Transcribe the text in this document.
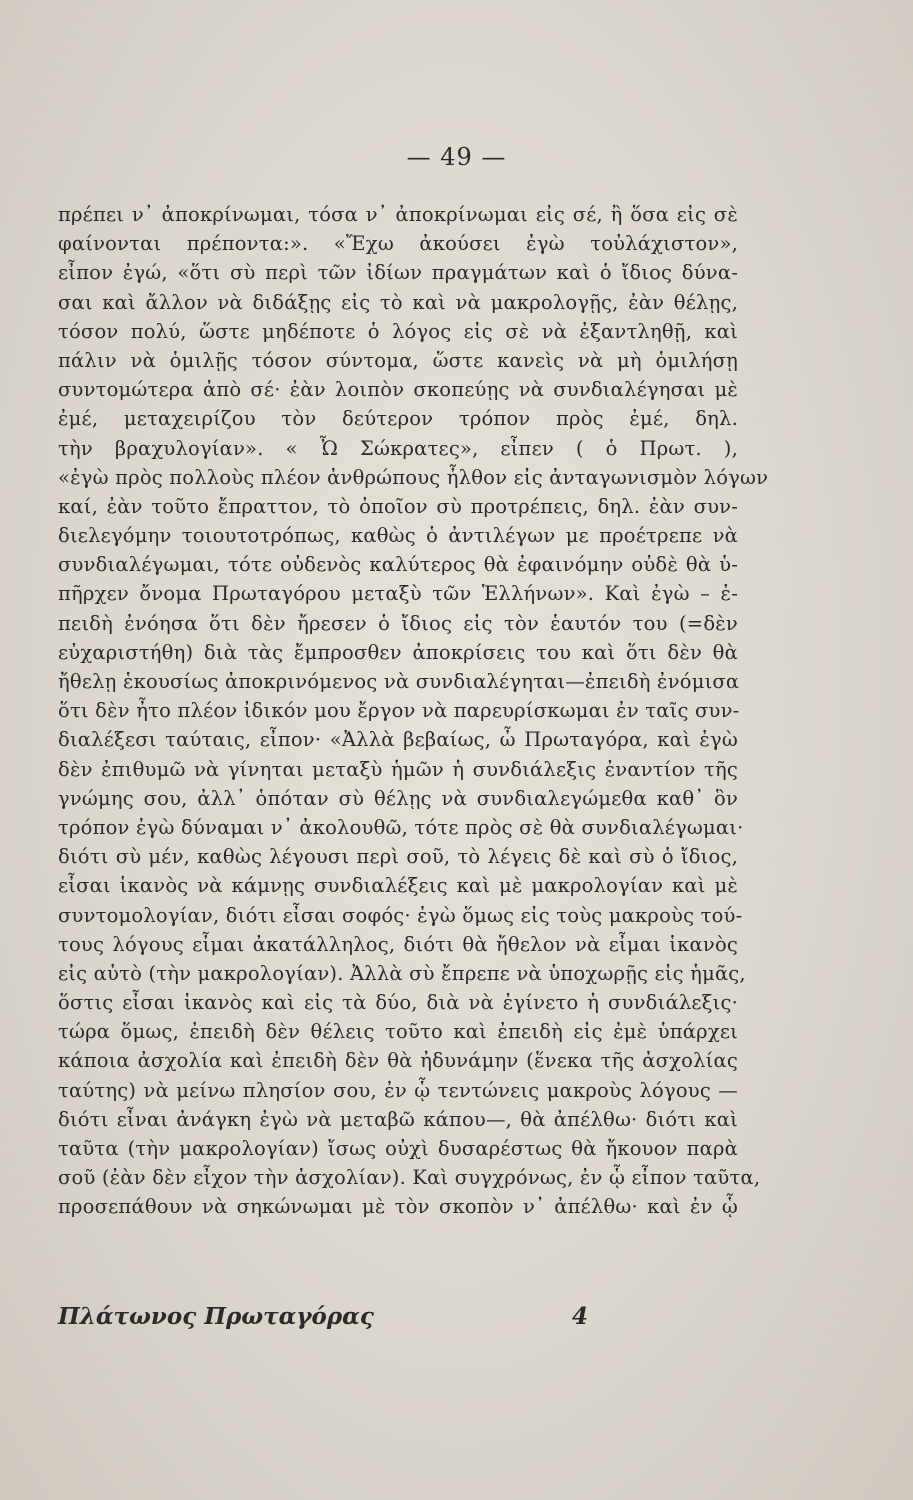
— 49 —
πρέπει ν᾽ ἀποκρίνωμαι, τόσα ν᾽ ἀποκρίνωμαι εἰς σέ, ἢ ὅσα εἰς σὲ
φαίνονται πρέποντα:». «Ἔχω ἀκούσει ἐγὼ τοὐλάχιστον»,
εἶπον ἐγώ, «ὅτι σὺ περὶ τῶν ἰδίων πραγμάτων καὶ ὁ ἴδιος δύνα-
σαι καὶ ἄλλον νὰ διδάξῃς εἰς τὸ καὶ νὰ μακρολογῇς, ἐὰν θέλῃς,
τόσον πολύ, ὥστε μηδέποτε ὁ λόγος εἰς σὲ νὰ ἐξαντληθῇ, καὶ
πάλιν νὰ ὁμιλῇς τόσον σύντομα, ὥστε κανεὶς νὰ μὴ ὁμιλήσῃ
συντομώτερα ἀπὸ σέ· ἐὰν λοιπὸν σκοπεύῃς νὰ συνδιαλέγησαι μὲ
ἐμέ, μεταχειρίζου τὸν δεύτερον τρόπον πρὸς ἐμέ, δηλ.
τὴν βραχυλογίαν». « Ὦ Σώκρατες», εἶπεν ( ὁ Πρωτ. ),
«ἐγὼ πρὸς πολλοὺς πλέον ἀνθρώπους ἦλθον εἰς ἀνταγωνισμὸν λόγων
καί, ἐὰν τοῦτο ἔπραττον, τὸ ὁποῖον σὺ προτρέπεις, δηλ. ἐὰν συν-
διελεγόμην τοιουτοτρόπως, καθὼς ὁ ἀντιλέγων με προέτρεπε νὰ
συνδιαλέγωμαι, τότε οὐδενὸς καλύτερος θὰ ἐφαινόμην οὐδὲ θὰ ὑ-
πῆρχεν ὄνομα Πρωταγόρου μεταξὺ τῶν Ἑλλήνων». Καὶ ἐγὼ – ἐ-
πειδὴ ἐνόησα ὅτι δὲν ἤρεσεν ὁ ἴδιος εἰς τὸν ἑαυτόν του (=δὲν
εὐχαριστήθη) διὰ τὰς ἔμπροσθεν ἀποκρίσεις του καὶ ὅτι δὲν θὰ
ἤθελῃ ἑκουσίως ἀποκρινόμενος νὰ συνδιαλέγηται—ἐπειδὴ ἐνόμισα
ὅτι δὲν ἦτο πλέον ἰδικόν μου ἔργον νὰ παρευρίσκωμαι ἐν ταῖς συν-
διαλέξεσι ταύταις, εἶπον· «Ἀλλὰ βεβαίως, ὦ Πρωταγόρα, καὶ ἐγὼ
δὲν ἐπιθυμῶ νὰ γίνηται μεταξὺ ἡμῶν ἡ συνδιάλεξις ἐναντίον τῆς
γνώμης σου, ἀλλ᾽ ὁπόταν σὺ θέλῃς νὰ συνδιαλεγώμεθα καθ᾽ ὃν
τρόπον ἐγὼ δύναμαι ν᾽ ἀκολουθῶ, τότε πρὸς σὲ θὰ συνδιαλέγωμαι·
διότι σὺ μέν, καθὼς λέγουσι περὶ σοῦ, τὸ λέγεις δὲ καὶ σὺ ὁ ἴδιος,
εἶσαι ἱκανὸς νὰ κάμνῃς συνδιαλέξεις καὶ μὲ μακρολογίαν καὶ μὲ
συντομολογίαν, διότι εἶσαι σοφός· ἐγὼ ὅμως εἰς τοὺς μακροὺς τού-
τους λόγους εἶμαι ἀκατάλληλος, διότι θὰ ἤθελον νὰ εἶμαι ἱκανὸς
εἰς αὐτὸ (τὴν μακρολογίαν). Ἀλλὰ σὺ ἔπρεπε νὰ ὑποχωρῇς εἰς ἡμᾶς,
ὅστις εἶσαι ἱκανὸς καὶ εἰς τὰ δύο, διὰ νὰ ἐγίνετο ἡ συνδιάλεξις·
τώρα ὅμως, ἐπειδὴ δὲν θέλεις τοῦτο καὶ ἐπειδὴ εἰς ἐμὲ ὑπάρχει
κάποια ἀσχολία καὶ ἐπειδὴ δὲν θὰ ἠδυνάμην (ἕνεκα τῆς ἀσχολίας
ταύτης) νὰ μείνω πλησίον σου, ἐν ᾧ τεντώνεις μακροὺς λόγους —
διότι εἶναι ἀνάγκη ἐγὼ νὰ μεταβῶ κάπου—, θὰ ἀπέλθω· διότι καὶ
ταῦτα (τὴν μακρολογίαν) ἴσως οὐχὶ δυσαρέστως θὰ ἤκουον παρὰ
σοῦ (ἐὰν δὲν εἶχον τὴν ἀσχολίαν). Καὶ συγχρόνως, ἐν ᾧ εἶπον ταῦτα,
προσεπάθουν νὰ σηκώνωμαι μὲ τὸν σκοπὸν ν᾽ ἀπέλθω· καὶ ἐν ᾧ
Πλάτωνος Πρωταγόρας	4
